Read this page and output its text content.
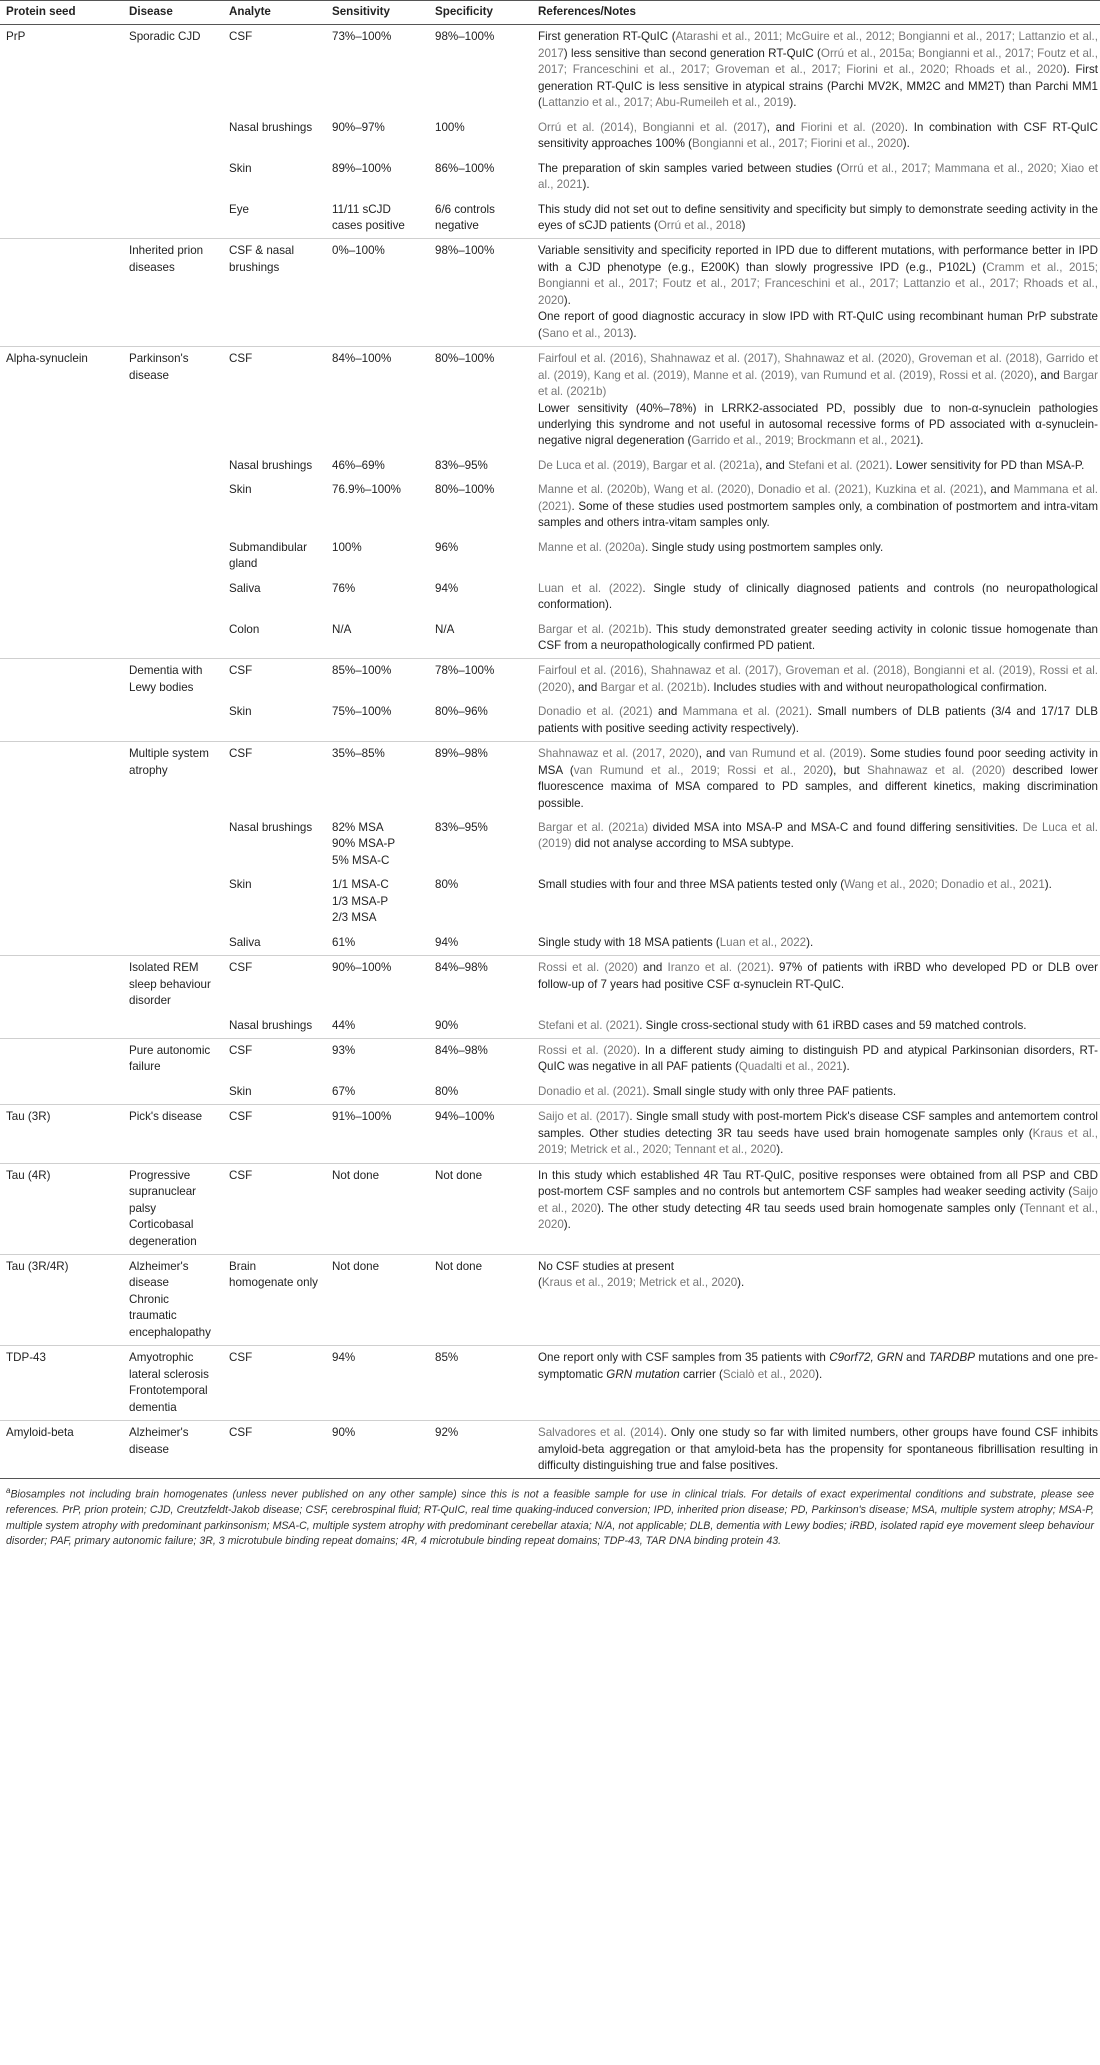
Protein seed	Disease	Analyte	Sensitivity	Specificity	References/Notes
PrP	Sporadic CJD	CSF	73%–100%	98%–100%	First generation RT-QuIC (Atarashi et al., 2011; McGuire et al., 2012; Bongianni et al., 2017; Lattanzio et al., 2017) less sensitive than second generation RT-QuIC (Orrú et al., 2015a; Bongianni et al., 2017; Foutz et al., 2017; Franceschini et al., 2017; Groveman et al., 2017; Fiorini et al., 2020; Rhoads et al., 2020). First generation RT-QuIC is less sensitive in atypical strains (Parchi MV2K, MM2C and MM2T) than Parchi MM1 (Lattanzio et al., 2017; Abu-Rumeileh et al., 2019).
		Nasal brushings	90%–97%	100%	Orrú et al. (2014), Bongianni et al. (2017), and Fiorini et al. (2020). In combination with CSF RT-QuIC sensitivity approaches 100% (Bongianni et al., 2017; Fiorini et al., 2020).
		Skin	89%–100%	86%–100%	The preparation of skin samples varied between studies (Orrú et al., 2017; Mammana et al., 2020; Xiao et al., 2021).
		Eye	11/11 sCJD cases positive	6/6 controls negative	This study did not set out to define sensitivity and specificity but simply to demonstrate seeding activity in the eyes of sCJD patients (Orrú et al., 2018)
	Inherited prion diseases	CSF & nasal brushings	0%–100%	98%–100%	Variable sensitivity and specificity reported in IPD due to different mutations, with performance better in IPD with a CJD phenotype (e.g., E200K) than slowly progressive IPD (e.g., P102L) (Cramm et al., 2015; Bongianni et al., 2017; Foutz et al., 2017; Franceschini et al., 2017; Lattanzio et al., 2017; Rhoads et al., 2020).
One report of good diagnostic accuracy in slow IPD with RT-QuIC using recombinant human PrP substrate (Sano et al., 2013).
Alpha-synuclein	Parkinson's disease	CSF	84%–100%	80%–100%	Fairfoul et al. (2016), Shahnawaz et al. (2017), Shahnawaz et al. (2020), Groveman et al. (2018), Garrido et al. (2019), Kang et al. (2019), Manne et al. (2019), van Rumund et al. (2019), Rossi et al. (2020), and Bargar et al. (2021b)
Lower sensitivity (40%–78%) in LRRK2-associated PD, possibly due to non-α-synuclein pathologies underlying this syndrome and not useful in autosomal recessive forms of PD associated with α-synuclein-negative nigral degeneration (Garrido et al., 2019; Brockmann et al., 2021).
		Nasal brushings	46%–69%	83%–95%	De Luca et al. (2019), Bargar et al. (2021a), and Stefani et al. (2021). Lower sensitivity for PD than MSA-P.
		Skin	76.9%–100%	80%–100%	Manne et al. (2020b), Wang et al. (2020), Donadio et al. (2021), Kuzkina et al. (2021), and Mammana et al. (2021). Some of these studies used postmortem samples only, a combination of postmortem and intra-vitam samples and others intra-vitam samples only.
		Submandibular gland	100%	96%	Manne et al. (2020a). Single study using postmortem samples only.
		Saliva	76%	94%	Luan et al. (2022). Single study of clinically diagnosed patients and controls (no neuropathological conformation).
		Colon	N/A	N/A	Bargar et al. (2021b). This study demonstrated greater seeding activity in colonic tissue homogenate than CSF from a neuropathologically confirmed PD patient.
	Dementia with Lewy bodies	CSF	85%–100%	78%–100%	Fairfoul et al. (2016), Shahnawaz et al. (2017), Groveman et al. (2018), Bongianni et al. (2019), Rossi et al. (2020), and Bargar et al. (2021b). Includes studies with and without neuropathological confirmation.
		Skin	75%–100%	80%–96%	Donadio et al. (2021) and Mammana et al. (2021). Small numbers of DLB patients (3/4 and 17/17 DLB patients with positive seeding activity respectively).
	Multiple system atrophy	CSF	35%–85%	89%–98%	Shahnawaz et al. (2017, 2020), and van Rumund et al. (2019). Some studies found poor seeding activity in MSA (van Rumund et al., 2019; Rossi et al., 2020), but Shahnawaz et al. (2020) described lower fluorescence maxima of MSA compared to PD samples, and different kinetics, making discrimination possible.
		Nasal brushings	82% MSA
90% MSA-P
5% MSA-C	83%–95%	Bargar et al. (2021a) divided MSA into MSA-P and MSA-C and found differing sensitivities. De Luca et al. (2019) did not analyse according to MSA subtype.
		Skin	1/1 MSA-C
1/3 MSA-P
2/3 MSA	80%	Small studies with four and three MSA patients tested only (Wang et al., 2020; Donadio et al., 2021).
		Saliva	61%	94%	Single study with 18 MSA patients (Luan et al., 2022).
	Isolated REM sleep behaviour disorder	CSF	90%–100%	84%–98%	Rossi et al. (2020) and Iranzo et al. (2021). 97% of patients with iRBD who developed PD or DLB over follow-up of 7 years had positive CSF α-synuclein RT-QuIC.
		Nasal brushings	44%	90%	Stefani et al. (2021). Single cross-sectional study with 61 iRBD cases and 59 matched controls.
	Pure autonomic failure	CSF	93%	84%–98%	Rossi et al. (2020). In a different study aiming to distinguish PD and atypical Parkinsonian disorders, RT-QuIC was negative in all PAF patients (Quadalti et al., 2021).
		Skin	67%	80%	Donadio et al. (2021). Small single study with only three PAF patients.
Tau (3R)	Pick's disease	CSF	91%–100%	94%–100%	Saijo et al. (2017). Single small study with post-mortem Pick's disease CSF samples and antemortem control samples. Other studies detecting 3R tau seeds have used brain homogenate samples only (Kraus et al., 2019; Metrick et al., 2020; Tennant et al., 2020).
Tau (4R)	Progressive supranuclear palsy
Corticobasal degeneration	CSF	Not done	Not done	In this study which established 4R Tau RT-QuIC, positive responses were obtained from all PSP and CBD post-mortem CSF samples and no controls but antemortem CSF samples had weaker seeding activity (Saijo et al., 2020). The other study detecting 4R tau seeds used brain homogenate samples only (Tennant et al., 2020).
Tau (3R/4R)	Alzheimer's disease
Chronic traumatic encephalopathy	Brain homogenate only	Not done	Not done	No CSF studies at present
(Kraus et al., 2019; Metrick et al., 2020).
TDP-43	Amyotrophic lateral sclerosis
Frontotemporal dementia	CSF	94%	85%	One report only with CSF samples from 35 patients with C9orf72, GRN and TARDBP mutations and one pre-symptomatic GRN mutation carrier (Scialò et al., 2020).
Amyloid-beta	Alzheimer's disease	CSF	90%	92%	Salvadores et al. (2014). Only one study so far with limited numbers, other groups have found CSF inhibits amyloid-beta aggregation or that amyloid-beta has the propensity for spontaneous fibrillisation resulting in difficulty distinguishing true and false positives.
$^a$Biosamples not including brain homogenates (unless never published on any other sample) since this is not a feasible sample for use in clinical trials. For details of exact experimental conditions and substrate, please see references. PrP, prion protein; CJD, Creutzfeldt-Jakob disease; CSF, cerebrospinal fluid; RT-QuIC, real time quaking-induced conversion; IPD, inherited prion disease; PD, Parkinson's disease; MSA, multiple system atrophy; MSA-P, multiple system atrophy with predominant parkinsonism; MSA-C, multiple system atrophy with predominant cerebellar ataxia; N/A, not applicable; DLB, dementia with Lewy bodies; iRBD, isolated rapid eye movement sleep behaviour disorder; PAF, primary autonomic failure; 3R, 3 microtubule binding repeat domains; 4R, 4 microtubule binding repeat domains; TDP-43, TAR DNA binding protein 43.
